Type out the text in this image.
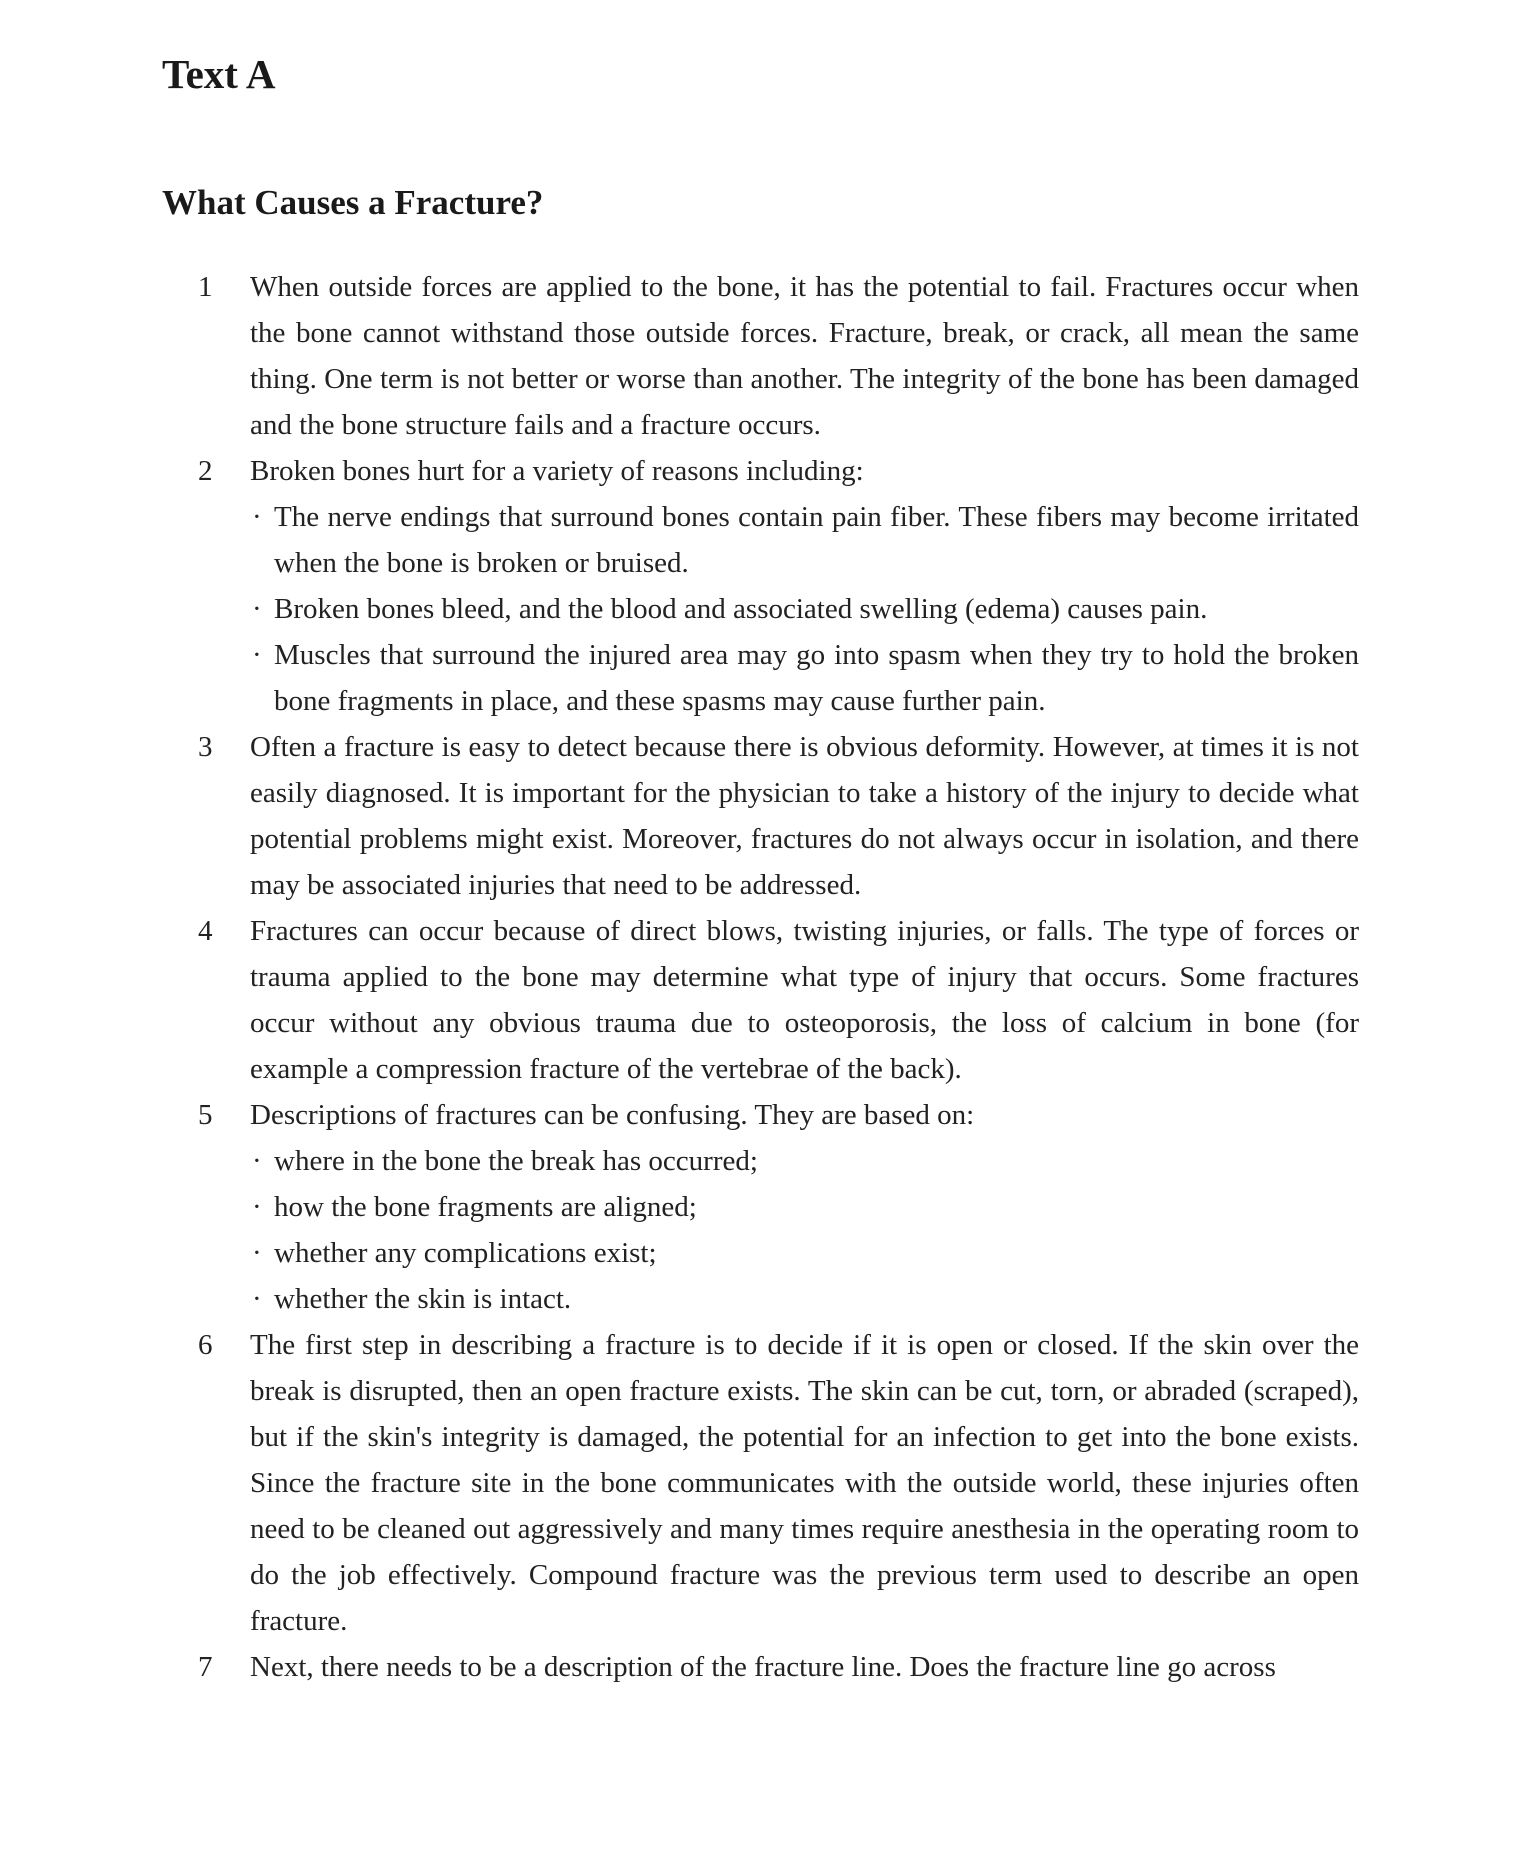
Text A
What Causes a Fracture?
1	When outside forces are applied to the bone, it has the potential to fail. Fractures occur when the bone cannot withstand those outside forces. Fracture, break, or crack, all mean the same thing. One term is not better or worse than another. The integrity of the bone has been damaged and the bone structure fails and a fracture occurs.
2	Broken bones hurt for a variety of reasons including:
· The nerve endings that surround bones contain pain fiber. These fibers may become irritated when the bone is broken or bruised.
· Broken bones bleed, and the blood and associated swelling (edema) causes pain.
· Muscles that surround the injured area may go into spasm when they try to hold the broken bone fragments in place, and these spasms may cause further pain.
3	Often a fracture is easy to detect because there is obvious deformity. However, at times it is not easily diagnosed. It is important for the physician to take a history of the injury to decide what potential problems might exist. Moreover, fractures do not always occur in isolation, and there may be associated injuries that need to be addressed.
4	Fractures can occur because of direct blows, twisting injuries, or falls. The type of forces or trauma applied to the bone may determine what type of injury that occurs. Some fractures occur without any obvious trauma due to osteoporosis, the loss of calcium in bone (for example a compression fracture of the vertebrae of the back).
5	Descriptions of fractures can be confusing. They are based on:
· where in the bone the break has occurred;
· how the bone fragments are aligned;
· whether any complications exist;
· whether the skin is intact.
6	The first step in describing a fracture is to decide if it is open or closed. If the skin over the break is disrupted, then an open fracture exists. The skin can be cut, torn, or abraded (scraped), but if the skin's integrity is damaged, the potential for an infection to get into the bone exists. Since the fracture site in the bone communicates with the outside world, these injuries often need to be cleaned out aggressively and many times require anesthesia in the operating room to do the job effectively. Compound fracture was the previous term used to describe an open fracture.
7	Next, there needs to be a description of the fracture line. Does the fracture line go across
